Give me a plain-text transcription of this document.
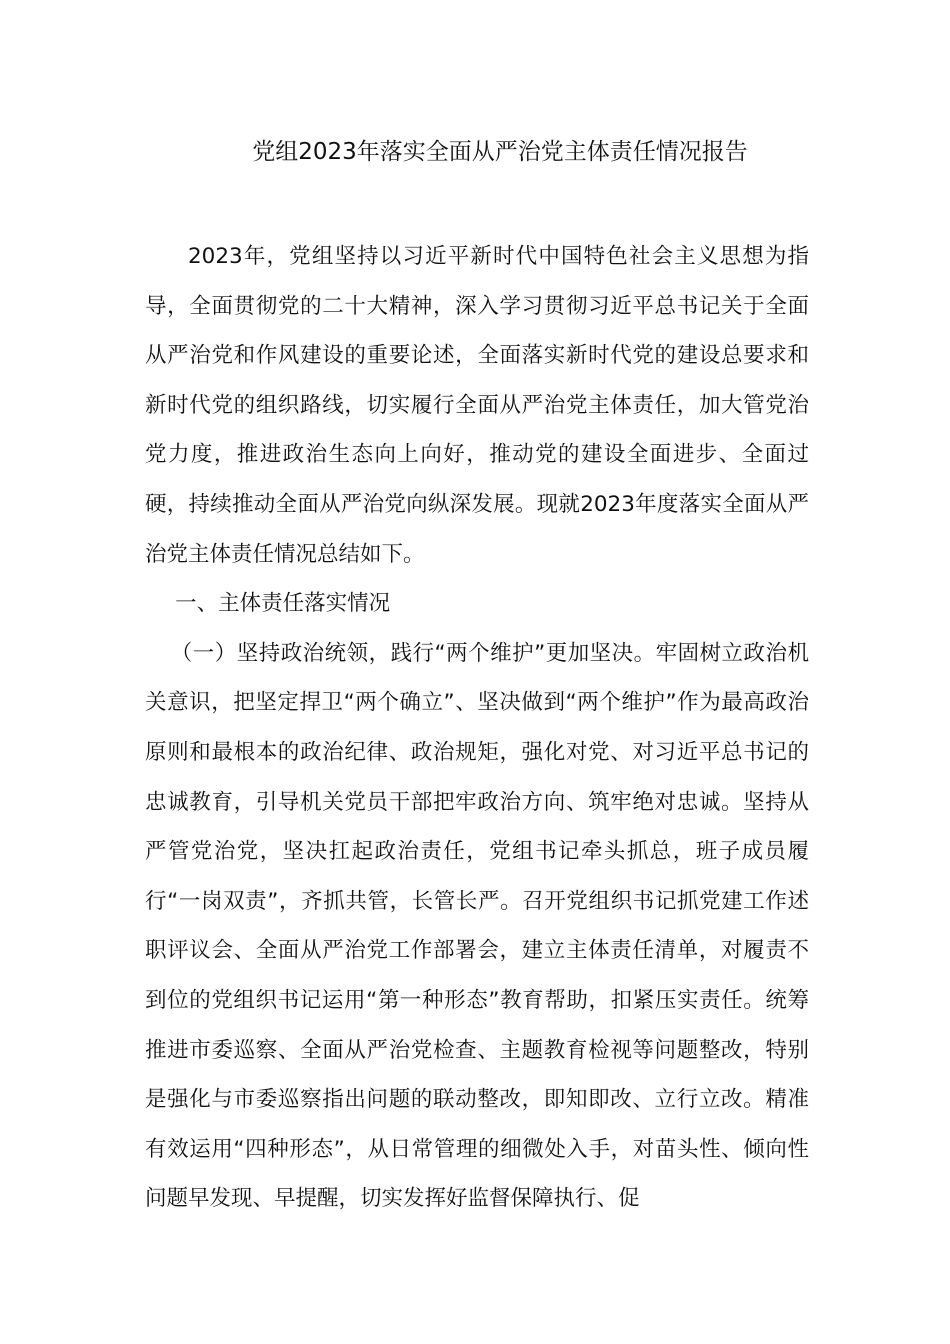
党组2023年落实全面从严治党主体责任情况报告

2023年，党组坚持以习近平新时代中国特色社会主义思想为指导，全面贯彻党的二十大精神，深入学习贯彻习近平总书记关于全面从严治党和作风建设的重要论述，全面落实新时代党的建设总要求和新时代党的组织路线，切实履行全面从严治党主体责任，加大管党治党力度，推进政治生态向上向好，推动党的建设全面进步、全面过硬，持续推动全面从严治党向纵深发展。现就2023年度落实全面从严治党主体责任情况总结如下。

一、主体责任落实情况

（一）坚持政治统领，践行“两个维护”更加坚决。牢固树立政治机关意识，把坚定捍卫“两个确立”、坚决做到“两个维护”作为最高政治原则和最根本的政治纪律、政治规矩，强化对党、对习近平总书记的忠诚教育，引导机关党员干部把牢政治方向、筑牢绝对忠诚。坚持从严管党治党，坚决扛起政治责任，党组书记牵头抓总，班子成员履行“一岗双责”，齐抓共管，长管长严。召开党组织书记抓党建工作述职评议会、全面从严治党工作部署会，建立主体责任清单，对履责不到位的党组织书记运用“第一种形态”教育帮助，扣紧压实责任。统筹推进市委巡察、全面从严治党检查、主题教育检视等问题整改，特别是强化与市委巡察指出问题的联动整改，即知即改、立行立改。精准有效运用“四种形态”，从日常管理的细微处入手，对苗头性、倾向性问题早发现、早提醒，切实发挥好监督保障执行、促
